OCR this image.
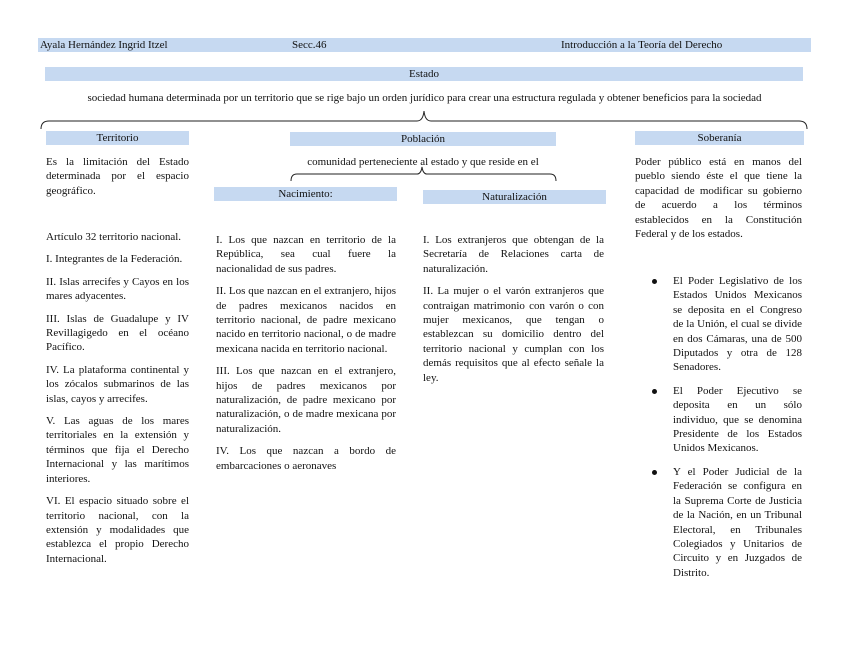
Ayala Hernández Ingrid Itzel	Secc.46	Introducción a la Teoría del Derecho
Estado
sociedad humana determinada por un territorio que se rige bajo un orden jurídico para crear una estructura regulada y obtener beneficios para la sociedad
Territorio	Población	Soberanía
Es la limitación del Estado determinada por el espacio geográfico.

Artículo 32 territorio nacional.

I. Integrantes de la Federación.

II. Islas arrecifes y Cayos en los mares adyacentes.

III. Islas de Guadalupe y IV Revillagigedo en el océano Pacífico.

IV. La plataforma continental y los zócalos submarinos de las islas, cayos y arrecifes.

V. Las aguas de los mares territoriales en la extensión y términos que fija el Derecho Internacional y las marítimos interiores.

VI. El espacio situado sobre el territorio nacional, con la extensión y modalidades que establezca el propio Derecho Internacional.

comunidad perteneciente al estado y que reside en el
Nacimiento:	Naturalización

I. Los que nazcan en territorio de la República, sea cual fuere la nacionalidad de sus padres.

II. Los que nazcan en el extranjero, hijos de padres mexicanos nacidos en territorio nacional, de padre mexicano nacido en territorio nacional, o de madre mexicana nacida en territorio nacional.

III. Los que nazcan en el extranjero, hijos de padres mexicanos por naturalización, de padre mexicano por naturalización, o de madre mexicana por naturalización.

IV. Los que nazcan a bordo de embarcaciones o aeronaves

I. Los extranjeros que obtengan de la Secretaría de Relaciones carta de naturalización.

II. La mujer o el varón extranjeros que contraigan matrimonio con varón o con mujer mexicanos, que tengan o establezcan su domicilio dentro del territorio nacional y cumplan con los demás requisitos que al efecto señale la ley.

Poder público está en manos del pueblo siendo éste el que tiene la capacidad de modificar su gobierno de acuerdo a los términos establecidos en la Constitución Federal y de los estados.
El Poder Legislativo de los Estados Unidos Mexicanos se deposita en el Congreso de la Unión, el cual se divide en dos Cámaras, una de 500 Diputados y otra de 128 Senadores.
El Poder Ejecutivo se deposita en un sólo individuo, que se denomina Presidente de los Estados Unidos Mexicanos.
Y el Poder Judicial de la Federación se configura en la Suprema Corte de Justicia de la Nación, en un Tribunal Electoral, en Tribunales Colegiados y Unitarios de Circuito y en Juzgados de Distrito.
